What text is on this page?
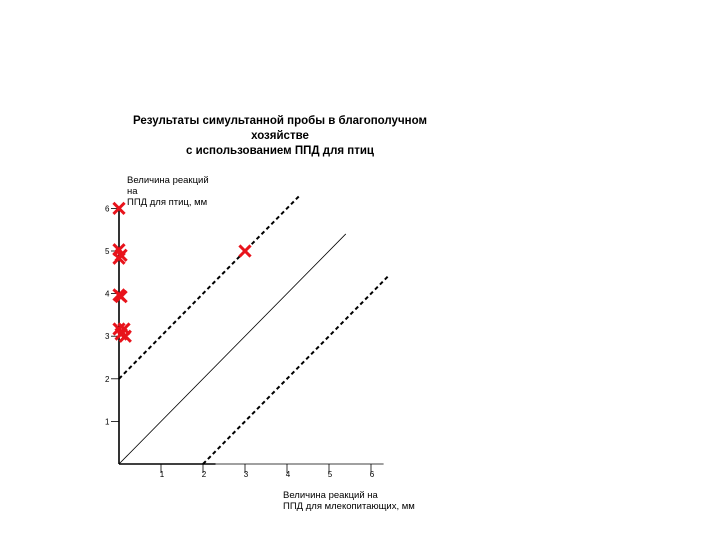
Результаты симультанной пробы в благополучном
хозяйстве
с использованием ППД для птиц
Величина реакций
на
ППД для птиц, мм
Величина реакций на
ППД для млекопитающих, мм
1
2
3
4
5
6
1	2	3	4	5	6
